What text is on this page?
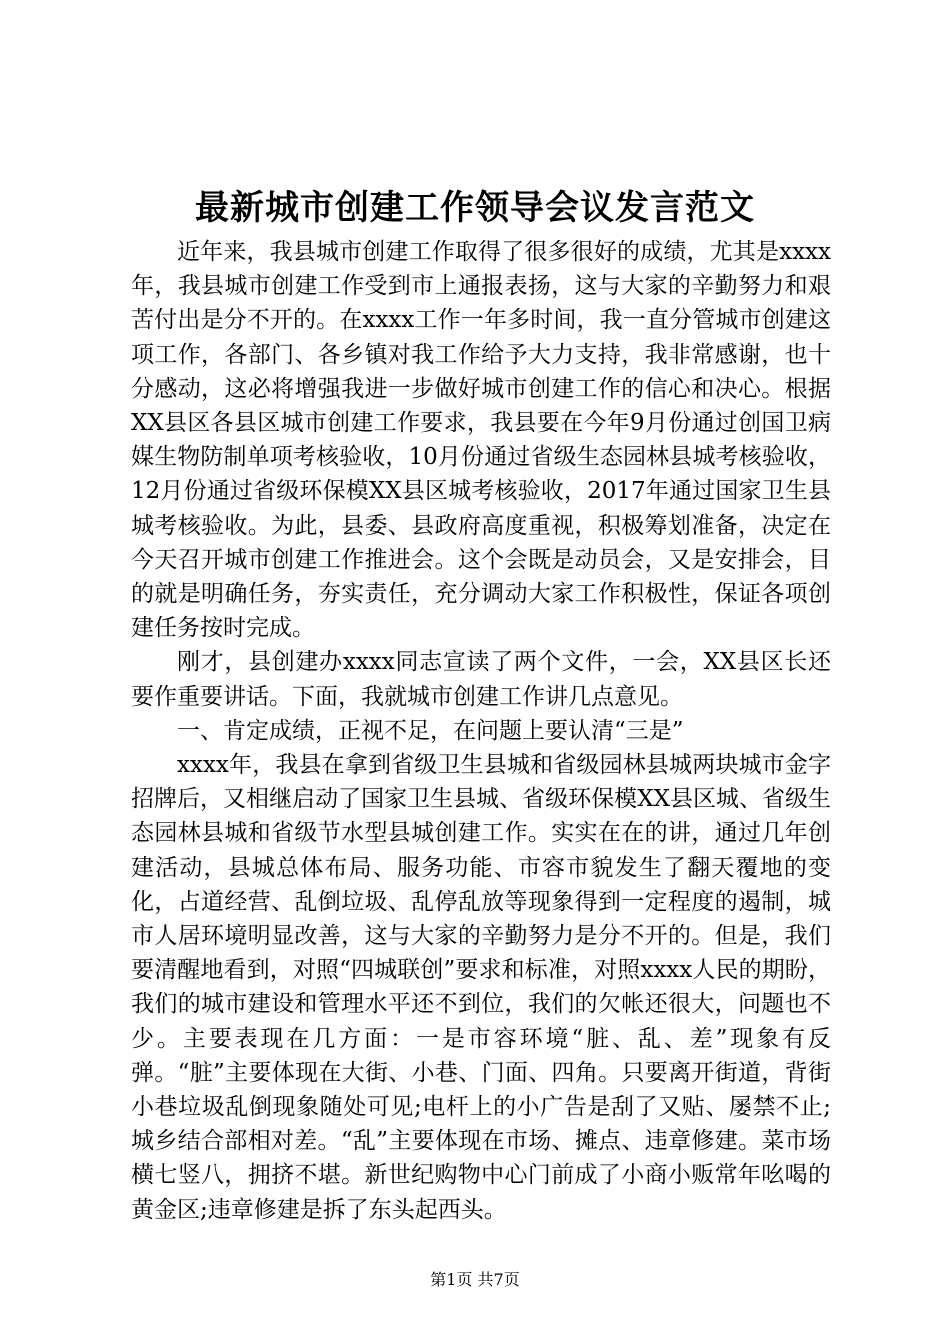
最新城市创建工作领导会议发言范文

近年来，我县城市创建工作取得了很多很好的成绩，尤其是xxxx年，我县城市创建工作受到市上通报表扬，这与大家的辛勤努力和艰苦付出是分不开的。在xxxx工作一年多时间，我一直分管城市创建这项工作，各部门、各乡镇对我工作给予大力支持，我非常感谢，也十分感动，这必将增强我进一步做好城市创建工作的信心和决心。根据XX县区各县区城市创建工作要求，我县要在今年9月份通过创国卫病媒生物防制单项考核验收，10月份通过省级生态园林县城考核验收，12月份通过省级环保模XX县区城考核验收，2017年通过国家卫生县城考核验收。为此，县委、县政府高度重视，积极筹划准备，决定在今天召开城市创建工作推进会。这个会既是动员会，又是安排会，目的就是明确任务，夯实责任，充分调动大家工作积极性，保证各项创建任务按时完成。

刚才，县创建办xxxx同志宣读了两个文件，一会，XX县区长还要作重要讲话。下面，我就城市创建工作讲几点意见。

一、肯定成绩，正视不足，在问题上要认清“三是”

xxxx年，我县在拿到省级卫生县城和省级园林县城两块城市金字招牌后，又相继启动了国家卫生县城、省级环保模XX县区城、省级生态园林县城和省级节水型县城创建工作。实实在在的讲，通过几年创建活动，县城总体布局、服务功能、市容市貌发生了翻天覆地的变化，占道经营、乱倒垃圾、乱停乱放等现象得到一定程度的遏制，城市人居环境明显改善，这与大家的辛勤努力是分不开的。但是，我们要清醒地看到，对照“四城联创”要求和标准，对照xxxx人民的期盼，我们的城市建设和管理水平还不到位，我们的欠帐还很大，问题也不少。主要表现在几方面：一是市容环境“脏、乱、差”现象有反弹。“脏”主要体现在大街、小巷、门面、四角。只要离开街道，背街小巷垃圾乱倒现象随处可见;电杆上的小广告是刮了又贴、屡禁不止;城乡结合部相对差。“乱”主要体现在市场、摊点、违章修建。菜市场横七竖八，拥挤不堪。新世纪购物中心门前成了小商小贩常年吆喝的黄金区;违章修建是拆了东头起西头。

第1页 共7页
